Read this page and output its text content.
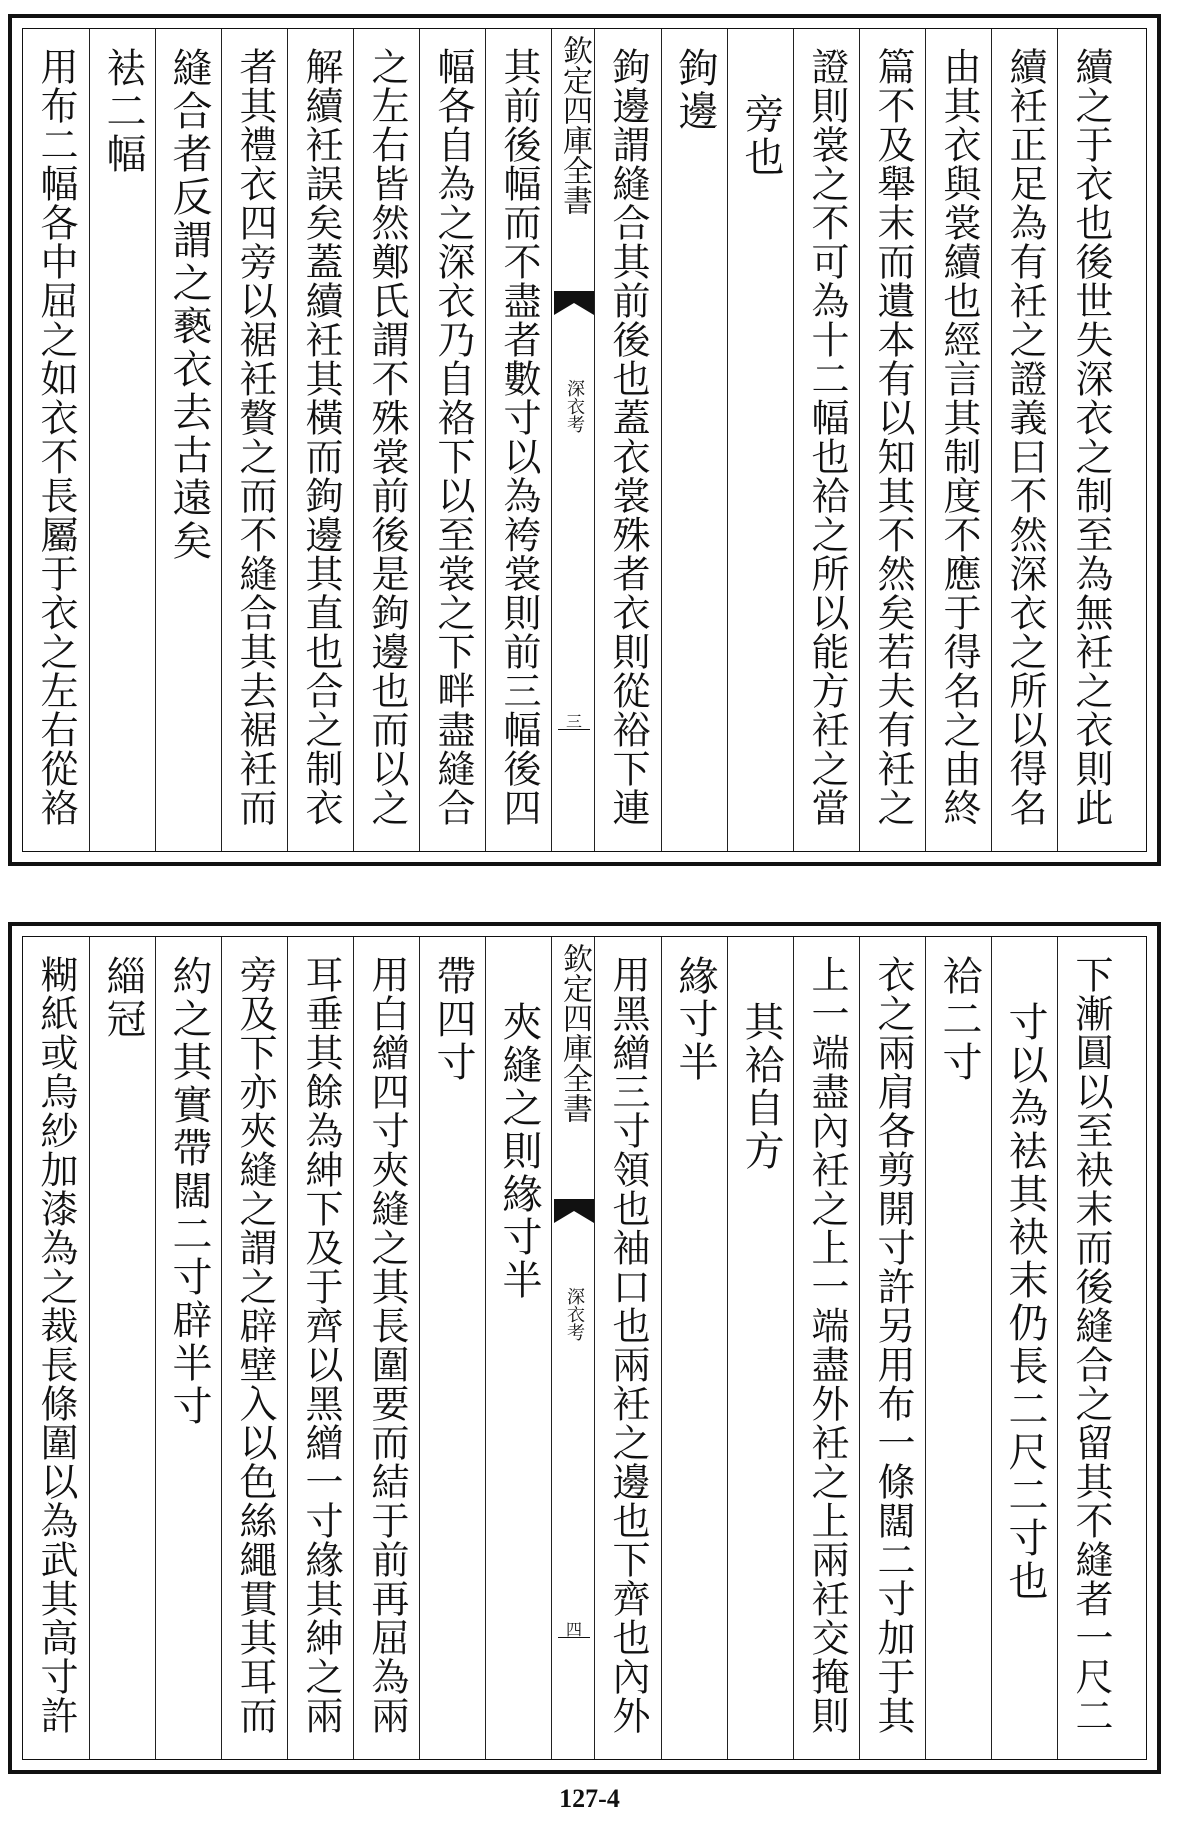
用布二幅各中屈之如衣不長屬于衣之左右從袼 袪二幅 縫合者反謂之褻衣去古遠矣 者其禮衣四旁以裾衽贅之而不縫合其去裾衽而 解續衽誤矣蓋續衽其橫而鉤邊其直也合之制衣 之左右皆然鄭氏謂不殊裳前後是鉤邊也而以之 幅各自為之深衣乃自袼下以至裳之下畔盡縫合 其前後幅而不盡者數寸以為袴裳則前三幅後四 欽定四庫全書
深衣考
三 鉤邊謂縫合其前後也蓋衣裳殊者衣則從裕下連 鉤邊
旁也 證則裳之不可為十二幅也袷之所以能方衽之當 篇不及舉末而遺本有以知其不然矣若夫有衽之 由其衣與裳續也經言其制度不應于得名之由終 續衽正足為有衽之證義曰不然深衣之所以得名 續之于衣也後世失深衣之制至為無衽之衣則此
糊紙或烏紗加漆為之裁長條圍以為武其高寸許 緇冠 約之其實帶闊二寸辟半寸 旁及下亦夾縫之謂之辟壁入以色絲繩貫其耳而 耳垂其餘為紳下及于齊以黑繒一寸緣其紳之兩 用白繒四寸夾縫之其長圍要而結于前再屈為兩 帶四寸 夾縫之則緣寸半 欽定四庫全書
深衣考
四 用黑繒三寸領也袖口也兩衽之邊也下齊也內外 緣寸半 其袷自方 上一端盡內衽之上一端盡外衽之上兩衽交掩則 衣之兩肩各剪開寸許另用布一條闊二寸加于其 袷二寸 寸以為袪其袂末仍長二尺二寸也 下漸圓以至袂末而後縫合之留其不縫者一尺二
127-4
